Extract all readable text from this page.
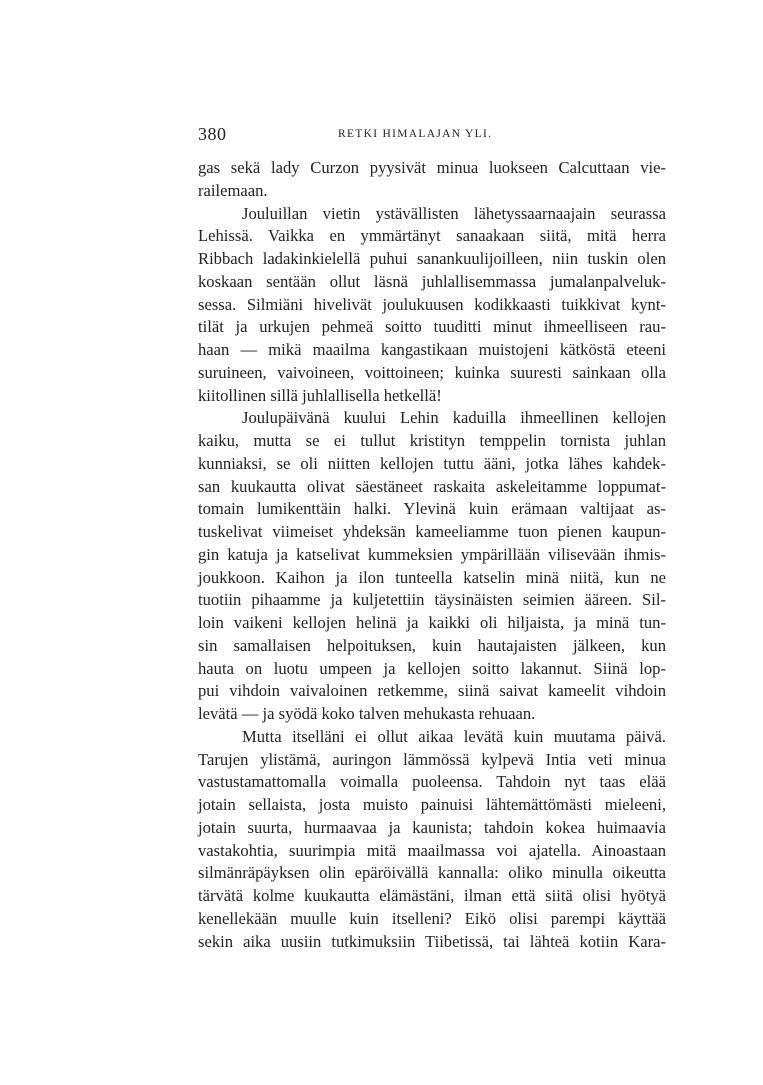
380	RETKI HIMALAJAN YLI.
gas sekä lady Curzon pyysivät minua luokseen Calcuttaan vie-
railemaan.
Jouluillan vietin ystävällisten lähetyssaarnaajain seurassa
Lehissä. Vaikka en ymmärtänyt sanaakaan siitä, mitä herra
Ribbach ladakinkielellä puhui sanankuulijoilleen, niin tuskin olen
koskaan sentään ollut läsnä juhlallisemmassa jumalanpalveluk-
sessa. Silmiäni hivelivät joulukuusen kodikkaasti tuikkivat kynt-
tilät ja urkujen pehmeä soitto tuuditti minut ihmeelliseen rau-
haan — mikä maailma kangastikaan muistojeni kätköstä eteeni
suruineen, vaivoineen, voittoineen; kuinka suuresti sainkaan olla
kiitollinen sillä juhlallisella hetkellä!
Joulupäivänä kuului Lehin kaduilla ihmeellinen kellojen
kaiku, mutta se ei tullut kristityn temppelin tornista juhlan
kunniaksi, se oli niitten kellojen tuttu ääni, jotka lähes kahdek-
san kuukautta olivat säestäneet raskaita askeleitamme loppumat-
tomain lumikenttäin halki. Ylevinä kuin erämaan valtijaat as-
tuskelivat viimeiset yhdeksän kameeliamme tuon pienen kaupun-
gin katuja ja katselivat kummeksien ympärillään vilisevään ihmis-
joukkoon. Kaihon ja ilon tunteella katselin minä niitä, kun ne
tuotiin pihaamme ja kuljetettiin täysinäisten seimien ääreen. Sil-
loin vaikeni kellojen helinä ja kaikki oli hiljaista, ja minä tun-
sin samallaisen helpoituksen, kuin hautajaisten jälkeen, kun
hauta on luotu umpeen ja kellojen soitto lakannut. Siinä lop-
pui vihdoin vaivaloinen retkemme, siinä saivat kameelit vihdoin
levätä — ja syödä koko talven mehukasta rehuaan.
Mutta itselläni ei ollut aikaa levätä kuin muutama päivä.
Tarujen ylistämä, auringon lämmössä kylpevä Intia veti minua
vastustamattomalla voimalla puoleensa. Tahdoin nyt taas elää
jotain sellaista, josta muisto painuisi lähtemättömästi mieleeni,
jotain suurta, hurmaavaa ja kaunista; tahdoin kokea huimaavia
vastakohtia, suurimpia mitä maailmassa voi ajatella. Ainoastaan
silmänräpäyksen olin epäröivällä kannalla: oliko minulla oikeutta
tärvätä kolme kuukautta elämästäni, ilman että siitä olisi hyötyä
kenellekään muulle kuin itselleni? Eikö olisi parempi käyttää
sekin aika uusiin tutkimuksiin Tiibetissä, tai lähteä kotiin Kara-
